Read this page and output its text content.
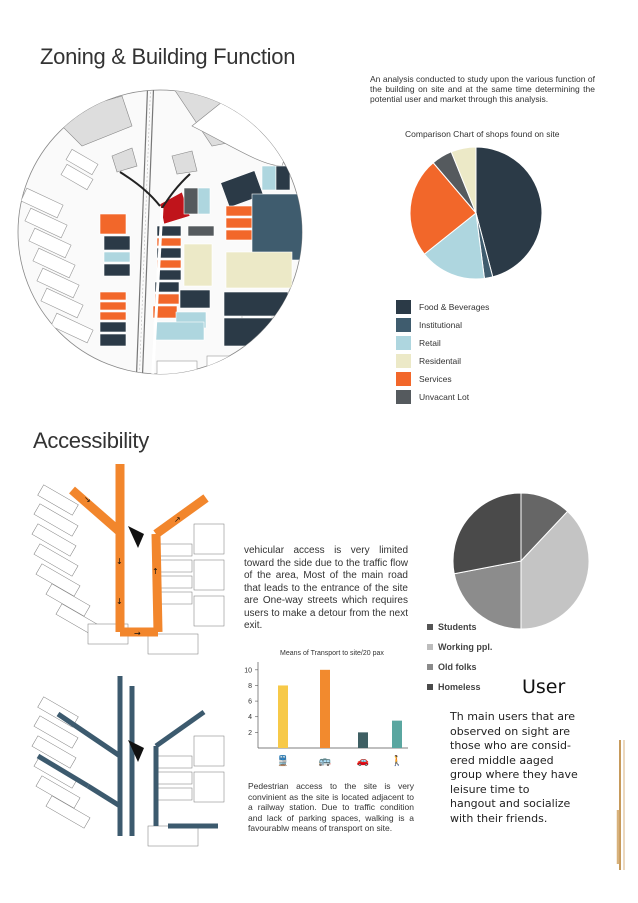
Zoning & Building Function
An analysis conducted to study upon the various function of the building on site and at the same time determining the potential user and market through this analysis.
Comparison Chart of shops found on site
Food & Beverages
Institutional
Retail
Residentail
Services
Unvacant Lot
Accessibility
↘
↓
↓
→
↑
↗
vehicular access is very limited toward the side due to the traffic flow of the area, Most of the main road that leads to the entrance of the site are One-way streets which requires users to make a detour from the next exit.
Means of Transport to site/20 pax
10
8
6
4
2
🚆	🚌	🚗 🚶
Pedestrian access to the site is very convinient as the site is located adjacent to a railway station. Due to traffic condition and lack of parking spaces, walking is a favourablw means of transport on site.
Students
Working ppl.
Old folks
Homeless User
Th main users that are observed on sight are those who are consid-ered middle aaged group where they have leisure time to hangout and socialize with their friends.
